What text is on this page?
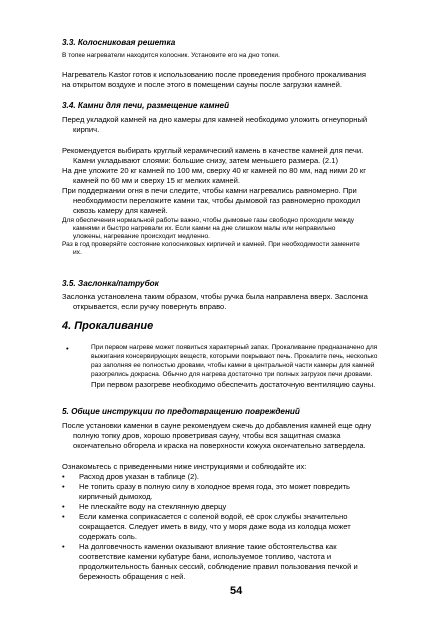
3.3. Колосниковая решетка
В топке нагреватели находится колосник. Установите его на дно топки.
Нагреватель Kastor готов к использованию после проведения пробного прокаливания
на открытом воздухе и после этого в помещении сауны после загрузки камней.
3.4. Камни для печи, размещение камней
Перед укладкой камней на дно камеры для камней необходимо уложить огнеупорный
кирпич.
Рекомендуется выбирать круглый керамический камень в качестве камней для печи.
Камни укладывают слоями: большие снизу, затем меньшего размера. (2.1)
На дне уложите 20 кг камней по 100 мм, сверху 40 кг камней по 80 мм, над ними 20 кг
камней по 60 мм и сверху 15 кг мелких камней.
При поддержании огня в печи следите, чтобы камни нагревались равномерно. При
необходимости переложите камни так, чтобы дымовой газ равномерно проходил
сквозь камеру для камней.
Для обеспечения нормальной работы важно, чтобы дымовые газы свободно проходили между
камнями и быстро нагревали их. Если камни на дне слишком малы или неправильно
уложены, нагревание происходит медленно.
Раз в год проверяйте состояние колосниковых кирпичей и камней. При необходимости замените
их.
3.5. Заслонка/патрубок
Заслонка установлена таким образом, чтобы ручка была направлена вверх. Заслонка
открывается, если ручку повернуть вправо.
4. Прокаливание
•	При первом нагреве может появиться характерный запах. Прокаливание предназначено для
выжигания консервирующих веществ, которыми покрывают печь. Прокалите печь, несколько
раз заполняя ее полностью дровами, чтобы камни в центральной части камеры для камней
разогрелись докрасна. Обычно для нагрева достаточно три полных загрузок печи дровами.
При первом разогреве необходимо обеспечить достаточную вентиляцию сауны.
5. Общие инструкции по предотвращению повреждений
После установки каменки в сауне рекомендуем сжечь до добавления камней еще одну
полную топку дров, хорошо проветривая сауну, чтобы вся защитная смазка
окончательно обгорела и краска на поверхности кожуха окончательно затвердела.
Ознакомьтесь с приведенными ниже инструкциями и соблюдайте их:
• Расход дров указан в таблице (2).
• Не топить сразу в полную силу в холодное время года, это может повредить
кирпичный дымоход.
• Не плескайте воду на стеклянную дверцу
• Если каменка соприкасается с соленой водой, её срок службы значительно
сокращается. Следует иметь в виду, что у моря даже вода из колодца может
содержать соль.
• На долговечность каменки оказывают влияние такие обстоятельства как
соответствие каменки кубатуре бани, используемое топливо, частота и
продолжительность банных сессий, соблюдение правил пользования печкой и
бережность обращения с ней.
54
